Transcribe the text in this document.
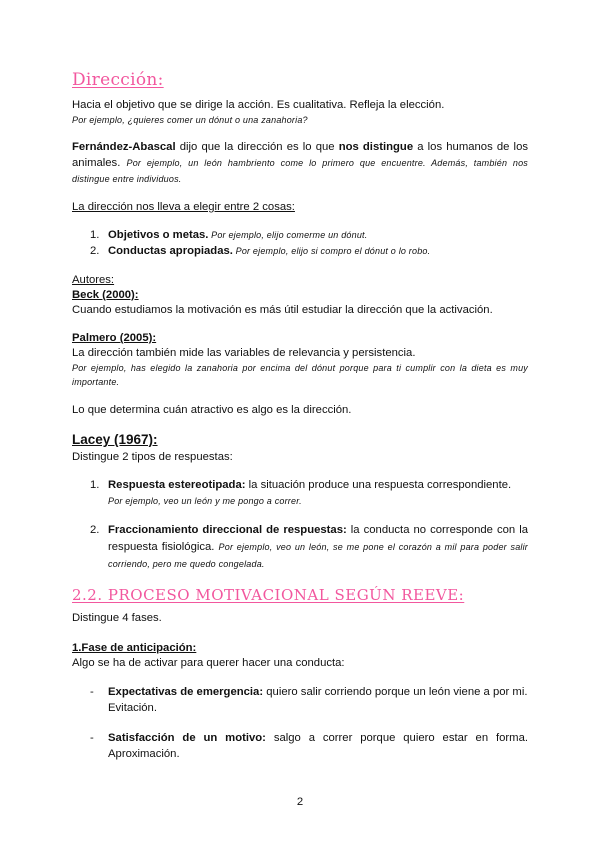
Dirección:

Hacia el objetivo que se dirige la acción. Es cualitativa. Refleja la elección.

Por ejemplo, ¿quieres comer un dónut o una zanahoria?

Fernández-Abascal dijo que la dirección es lo que nos distingue a los humanos de los animales. Por ejemplo, un león hambriento come lo primero que encuentre. Además, también nos distingue entre individuos.

La dirección nos lleva a elegir entre 2 cosas:

1. Objetivos o metas. Por ejemplo, elijo comerme un dónut.
2. Conductas apropiadas. Por ejemplo, elijo si compro el dónut o lo robo.

Autores:

Beck (2000):

Cuando estudiamos la motivación es más útil estudiar la dirección que la activación.

Palmero (2005):

La dirección también mide las variables de relevancia y persistencia.

Por ejemplo, has elegido la zanahoria por encima del dónut porque para ti cumplir con la dieta es muy importante.

Lo que determina cuán atractivo es algo es la dirección.

Lacey (1967):

Distingue 2 tipos de respuestas:

1. Respuesta estereotipada: la situación produce una respuesta correspondiente.
Por ejemplo, veo un león y me pongo a correr.
2. Fraccionamiento direccional de respuestas: la conducta no corresponde con la respuesta fisiológica. Por ejemplo, veo un león, se me pone el corazón a mil para poder salir corriendo, pero me quedo congelada.
2.2. PROCESO MOTIVACIONAL SEGÚN REEVE:

Distingue 4 fases.

1.Fase de anticipación:

Algo se ha de activar para querer hacer una conducta:

- Expectativas de emergencia: quiero salir corriendo porque un león viene a por mi. Evitación.
- Satisfacción de un motivo: salgo a correr porque quiero estar en forma. Aproximación.
2
